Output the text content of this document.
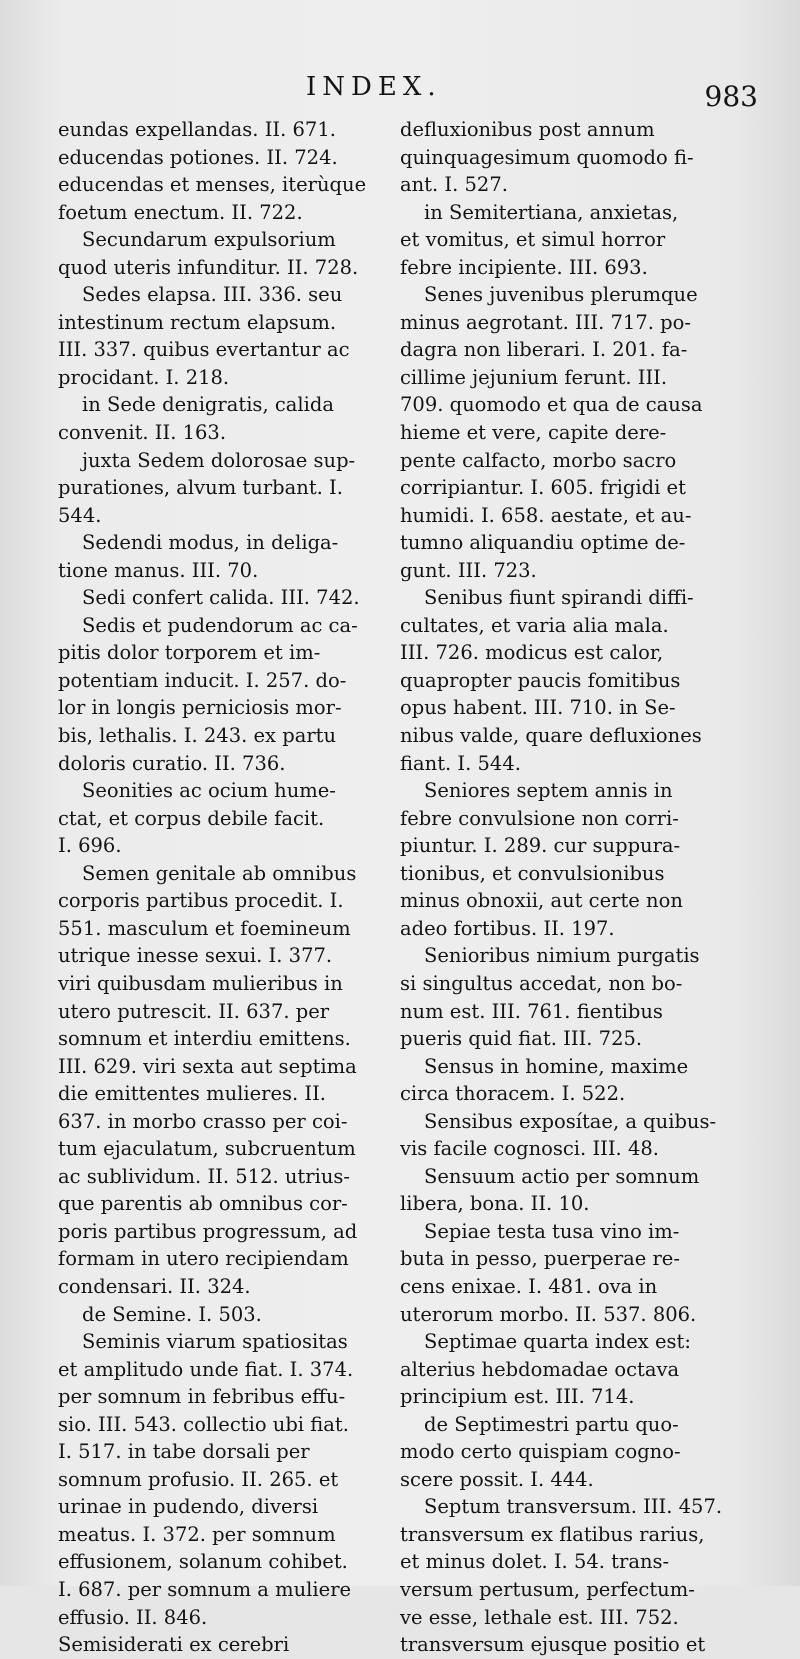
INDEX.	983
eundas expellandas. II. 671.
educendas potiones. II. 724.
educendas et menses, iterùque
foetum enectum. II. 722.
Secundarum expulsorium
quod uteris infunditur. II. 728.
Sedes elapsa. III. 336. seu
intestinum rectum elapsum.
III. 337. quibus evertantur ac
procidant. I. 218.
in Sede denigratis, calida
convenit. II. 163.
juxta Sedem dolorosae sup-
purationes, alvum turbant. I.
544.
Sedendi modus, in deliga-
tione manus. III. 70.
Sedi confert calida. III. 742.
Sedis et pudendorum ac ca-
pitis dolor torporem et im-
potentiam inducit. I. 257. do-
lor in longis perniciosis mor-
bis, lethalis. I. 243. ex partu
doloris curatio. II. 736.
Seonities ac ocium hume-
ctat, et corpus debile facit.
I. 696.
Semen genitale ab omnibus
corporis partibus procedit. I.
551. masculum et foemineum
utrique inesse sexui. I. 377.
viri quibusdam mulieribus in
utero putrescit. II. 637. per
somnum et interdiu emittens.
III. 629. viri sexta aut septima
die emittentes mulieres. II.
637. in morbo crasso per coi-
tum ejaculatum, subcruentum
ac sublividum. II. 512. utrius-
que parentis ab omnibus cor-
poris partibus progressum, ad
formam in utero recipiendam
condensari. II. 324.
de Semine. I. 503.
Seminis viarum spatiositas
et amplitudo unde fiat. I. 374.
per somnum in febribus effu-
sio. III. 543. collectio ubi fiat.
I. 517. in tabe dorsali per
somnum profusio. II. 265. et
urinae in pudendo, diversi
meatus. I. 372. per somnum
effusionem, solanum cohibet.
I. 687. per somnum a muliere
effusio. II. 846.
Semisiderati ex cerebri
defluxionibus post annum
quinquagesimum quomodo fi-
ant. I. 527.
in Semitertiana, anxietas,
et vomitus, et simul horror
febre incipiente. III. 693.
Senes juvenibus plerumque
minus aegrotant. III. 717. po-
dagra non liberari. I. 201. fa-
cillime jejunium ferunt. III.
709. quomodo et qua de causa
hieme et vere, capite dere-
pente calfacto, morbo sacro
corripiantur. I. 605. frigidi et
humidi. I. 658. aestate, et au-
tumno aliquandiu optime de-
gunt. III. 723.
Senibus fiunt spirandi diffi-
cultates, et varia alia mala.
III. 726. modicus est calor,
quapropter paucis fomitibus
opus habent. III. 710. in Se-
nibus valde, quare defluxiones
fiant. I. 544.
Seniores septem annis in
febre convulsione non corri-
piuntur. I. 289. cur suppura-
tionibus, et convulsionibus
minus obnoxii, aut certe non
adeo fortibus. II. 197.
Senioribus nimium purgatis
si singultus accedat, non bo-
num est. III. 761. fientibus
pueris quid fiat. III. 725.
Sensus in homine, maxime
circa thoracem. I. 522.
Sensibus exposítae, a quibus-
vis facile cognosci. III. 48.
Sensuum actio per somnum
libera, bona. II. 10.
Sepiae testa tusa vino im-
buta in pesso, puerperae re-
cens enixae. I. 481. ova in
uterorum morbo. II. 537. 806.
Septimae quarta index est:
alterius hebdomadae octava
principium est. III. 714.
de Septimestri partu quo-
modo certo quispiam cogno-
scere possit. I. 444.
Septum transversum. III. 457.
transversum ex flatibus rarius,
et minus dolet. I. 54. trans-
versum pertusum, perfectum-
ve esse, lethale est. III. 752.
transversum ejusque positio et
